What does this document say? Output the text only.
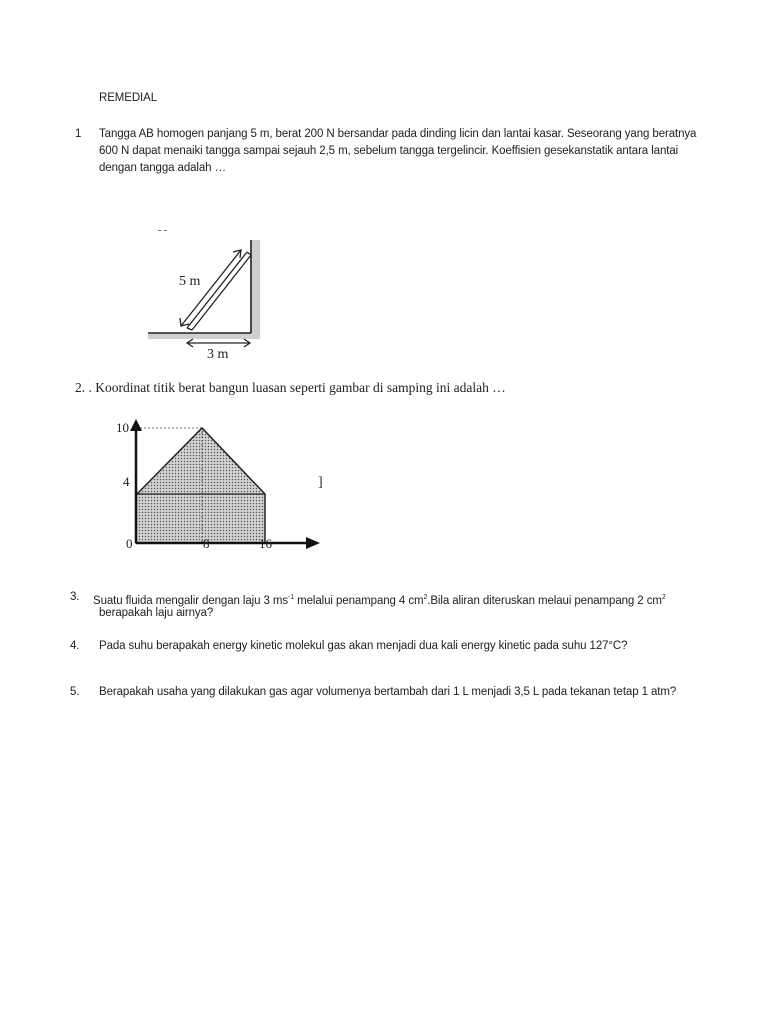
REMEDIAL
1 Tangga AB homogen panjang 5 m, berat 200 N bersandar pada dinding licin dan lantai kasar. Seseorang yang beratnya
600 N dapat menaiki tangga sampai sejauh 2,5 m, sebelum tangga tergelincir. Koeffisien gesekanstatik antara lantai
dengan tangga adalah …
5 m
- -
3 m
2. . Koordinat titik berat bangun luasan seperti gambar di samping ini adalah …
10
4
0	8	16
]
3. Suatu fluida mengalir dengan laju 3 $ms^{-1}$ melalui penampang 4 $cm^2.Bila$ aliran diteruskan melaui penampang 2 $cm^2$
berapakah laju airnya?
4. Pada suhu berapakah energy kinetic molekul gas akan menjadi dua kali energy kinetic pada suhu 127°C?
5. Berapakah usaha yang dilakukan gas agar volumenya bertambah dari 1 L menjadi 3,5 L pada tekanan tetap 1 atm?
